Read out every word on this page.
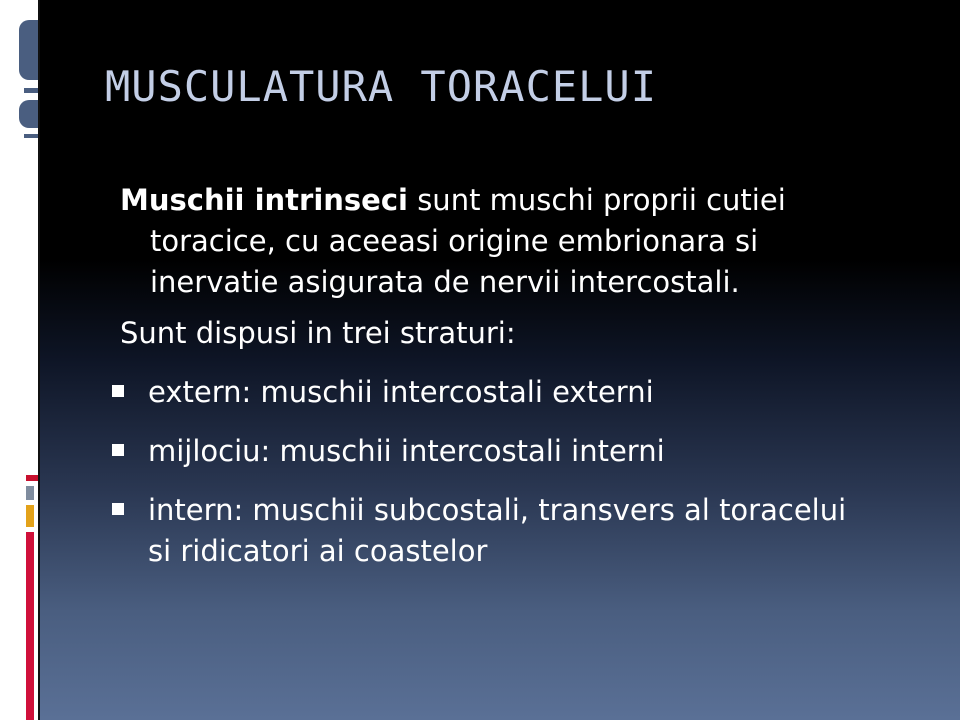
MUSCULATURA TORACELUI

Muschii intrinseci sunt muschi proprii cutiei toracice, cu aceeasi origine embrionara si inervatie asigurata de nervii intercostali.

Sunt dispusi in trei straturi:

extern: muschii intercostali externi
mijlociu: muschii intercostali interni
intern: muschii subcostali, transvers al toracelui si ridicatori ai coastelor
